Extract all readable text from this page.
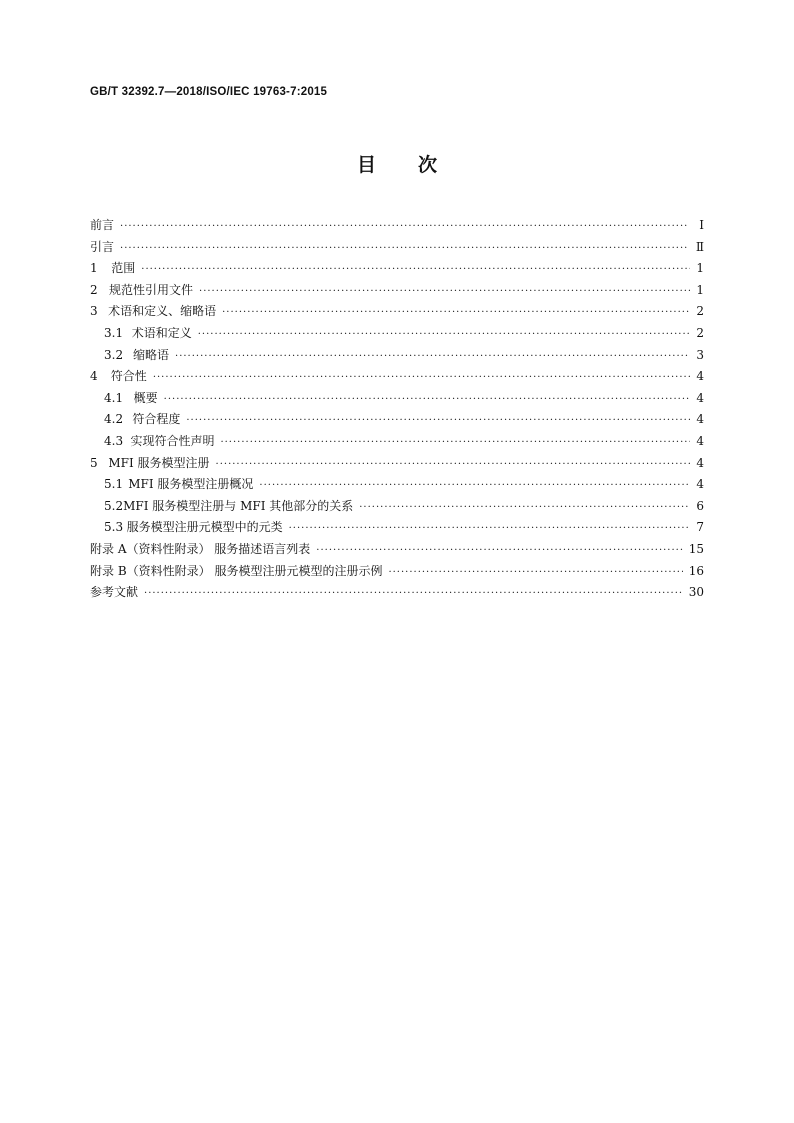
GB/T 32392.7—2018/ISO/IEC 19763-7:2015
目次
前言 ·····	Ⅰ
引言 ·····	Ⅱ
1	范围 ·····	1
2 规范性引用文件 ·····	1
3 术语和定义、缩略语 ·····	2
3.1 术语和定义 ·····	2
3.2 缩略语 ·····	3
4	符合性 ·····	4
4.1 概要 ·····	4
4.2 符合程度 ·····	4
4.3 实现符合性声明 ·····	4
5 MFI 服务模型注册 ·····	4
5.1 MFI 服务模型注册概况 ·····	4
5.2 MFI 服务模型注册与 MFI 其他部分的关系 ·····	6
5.3 服务模型注册元模型中的元类 ·····	7
附录 A（资料性附录） 服务描述语言列表 ·····	15
附录 B（资料性附录） 服务模型注册元模型的注册示例 ·····	16
参考文献 ·····	30
